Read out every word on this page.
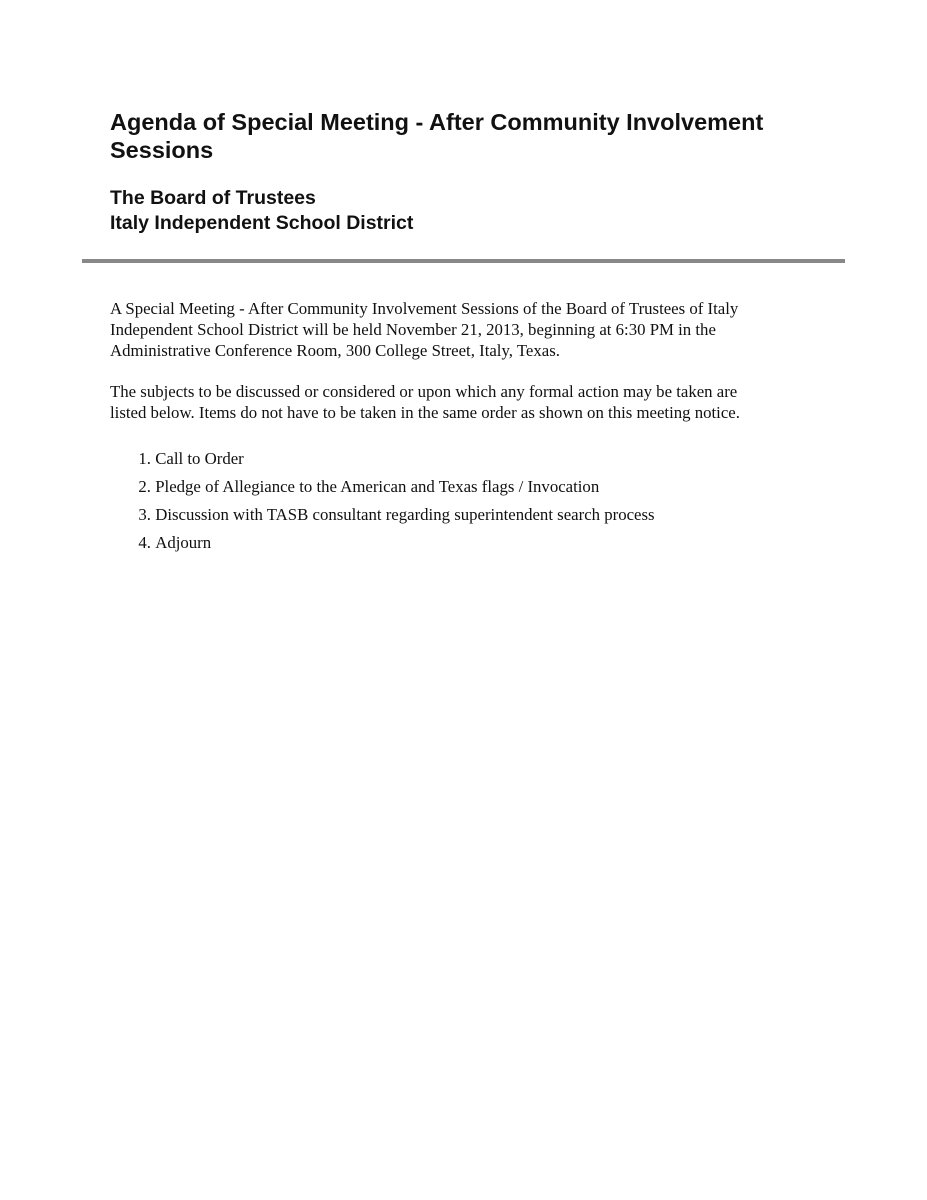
Agenda of Special Meeting - After Community Involvement

Sessions

The Board of Trustees

Italy Independent School District

A Special Meeting - After Community Involvement Sessions of the Board of Trustees of Italy
Independent School District will be held November 21, 2013, beginning at 6:30 PM in the
Administrative Conference Room, 300 College Street, Italy, Texas.
The subjects to be discussed or considered or upon which any formal action may be taken are
listed below. Items do not have to be taken in the same order as shown on this meeting notice.
1.
Call to Order
2.
Pledge of Allegiance to the American and Texas flags / Invocation
3.
Discussion with TASB consultant regarding superintendent search process
4.
Adjourn
